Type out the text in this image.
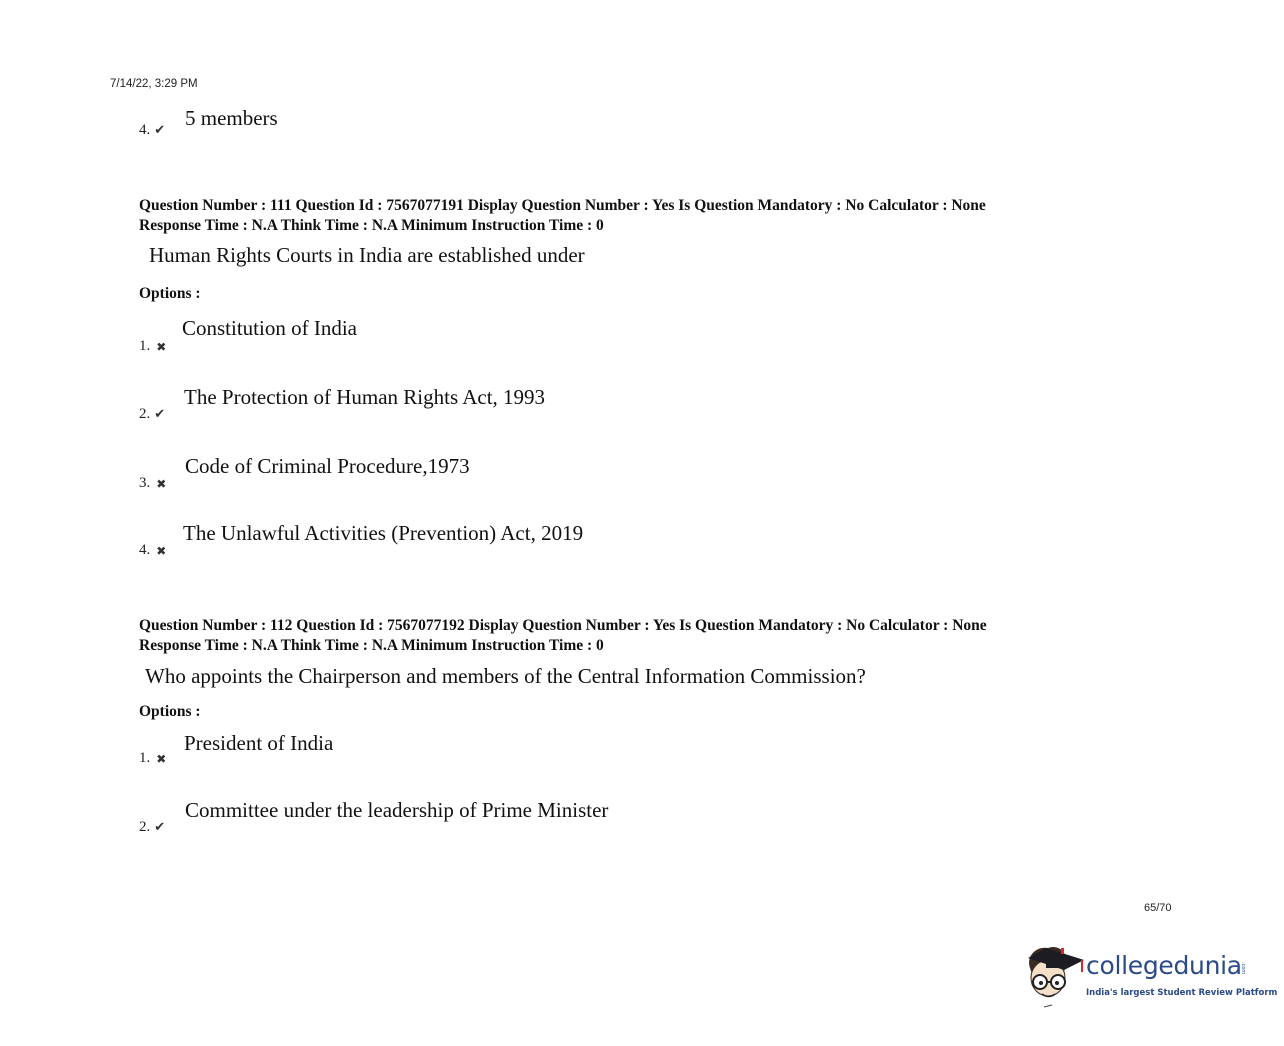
7/14/22, 3:29 PM
4. ✔
5 members
Question Number : 111 Question Id : 7567077191 Display Question Number : Yes Is Question Mandatory : No Calculator : None
Response Time : N.A Think Time : N.A Minimum Instruction Time : 0
Human Rights Courts in India are established under
Options :
1. ✖
Constitution of India
2. ✔
The Protection of Human Rights Act, 1993
3. ✖
Code of Criminal Procedure,1973
4. ✖
The Unlawful Activities (Prevention) Act, 2019
Question Number : 112 Question Id : 7567077192 Display Question Number : Yes Is Question Mandatory : No Calculator : None
Response Time : N.A Think Time : N.A Minimum Instruction Time : 0
Who appoints the Chairperson and members of the Central Information Commission?
Options :
1. ✖
President of India
2. ✔
Committee under the leadership of Prime Minister
65/70
collegedunia
.com
India's largest Student Review Platform
